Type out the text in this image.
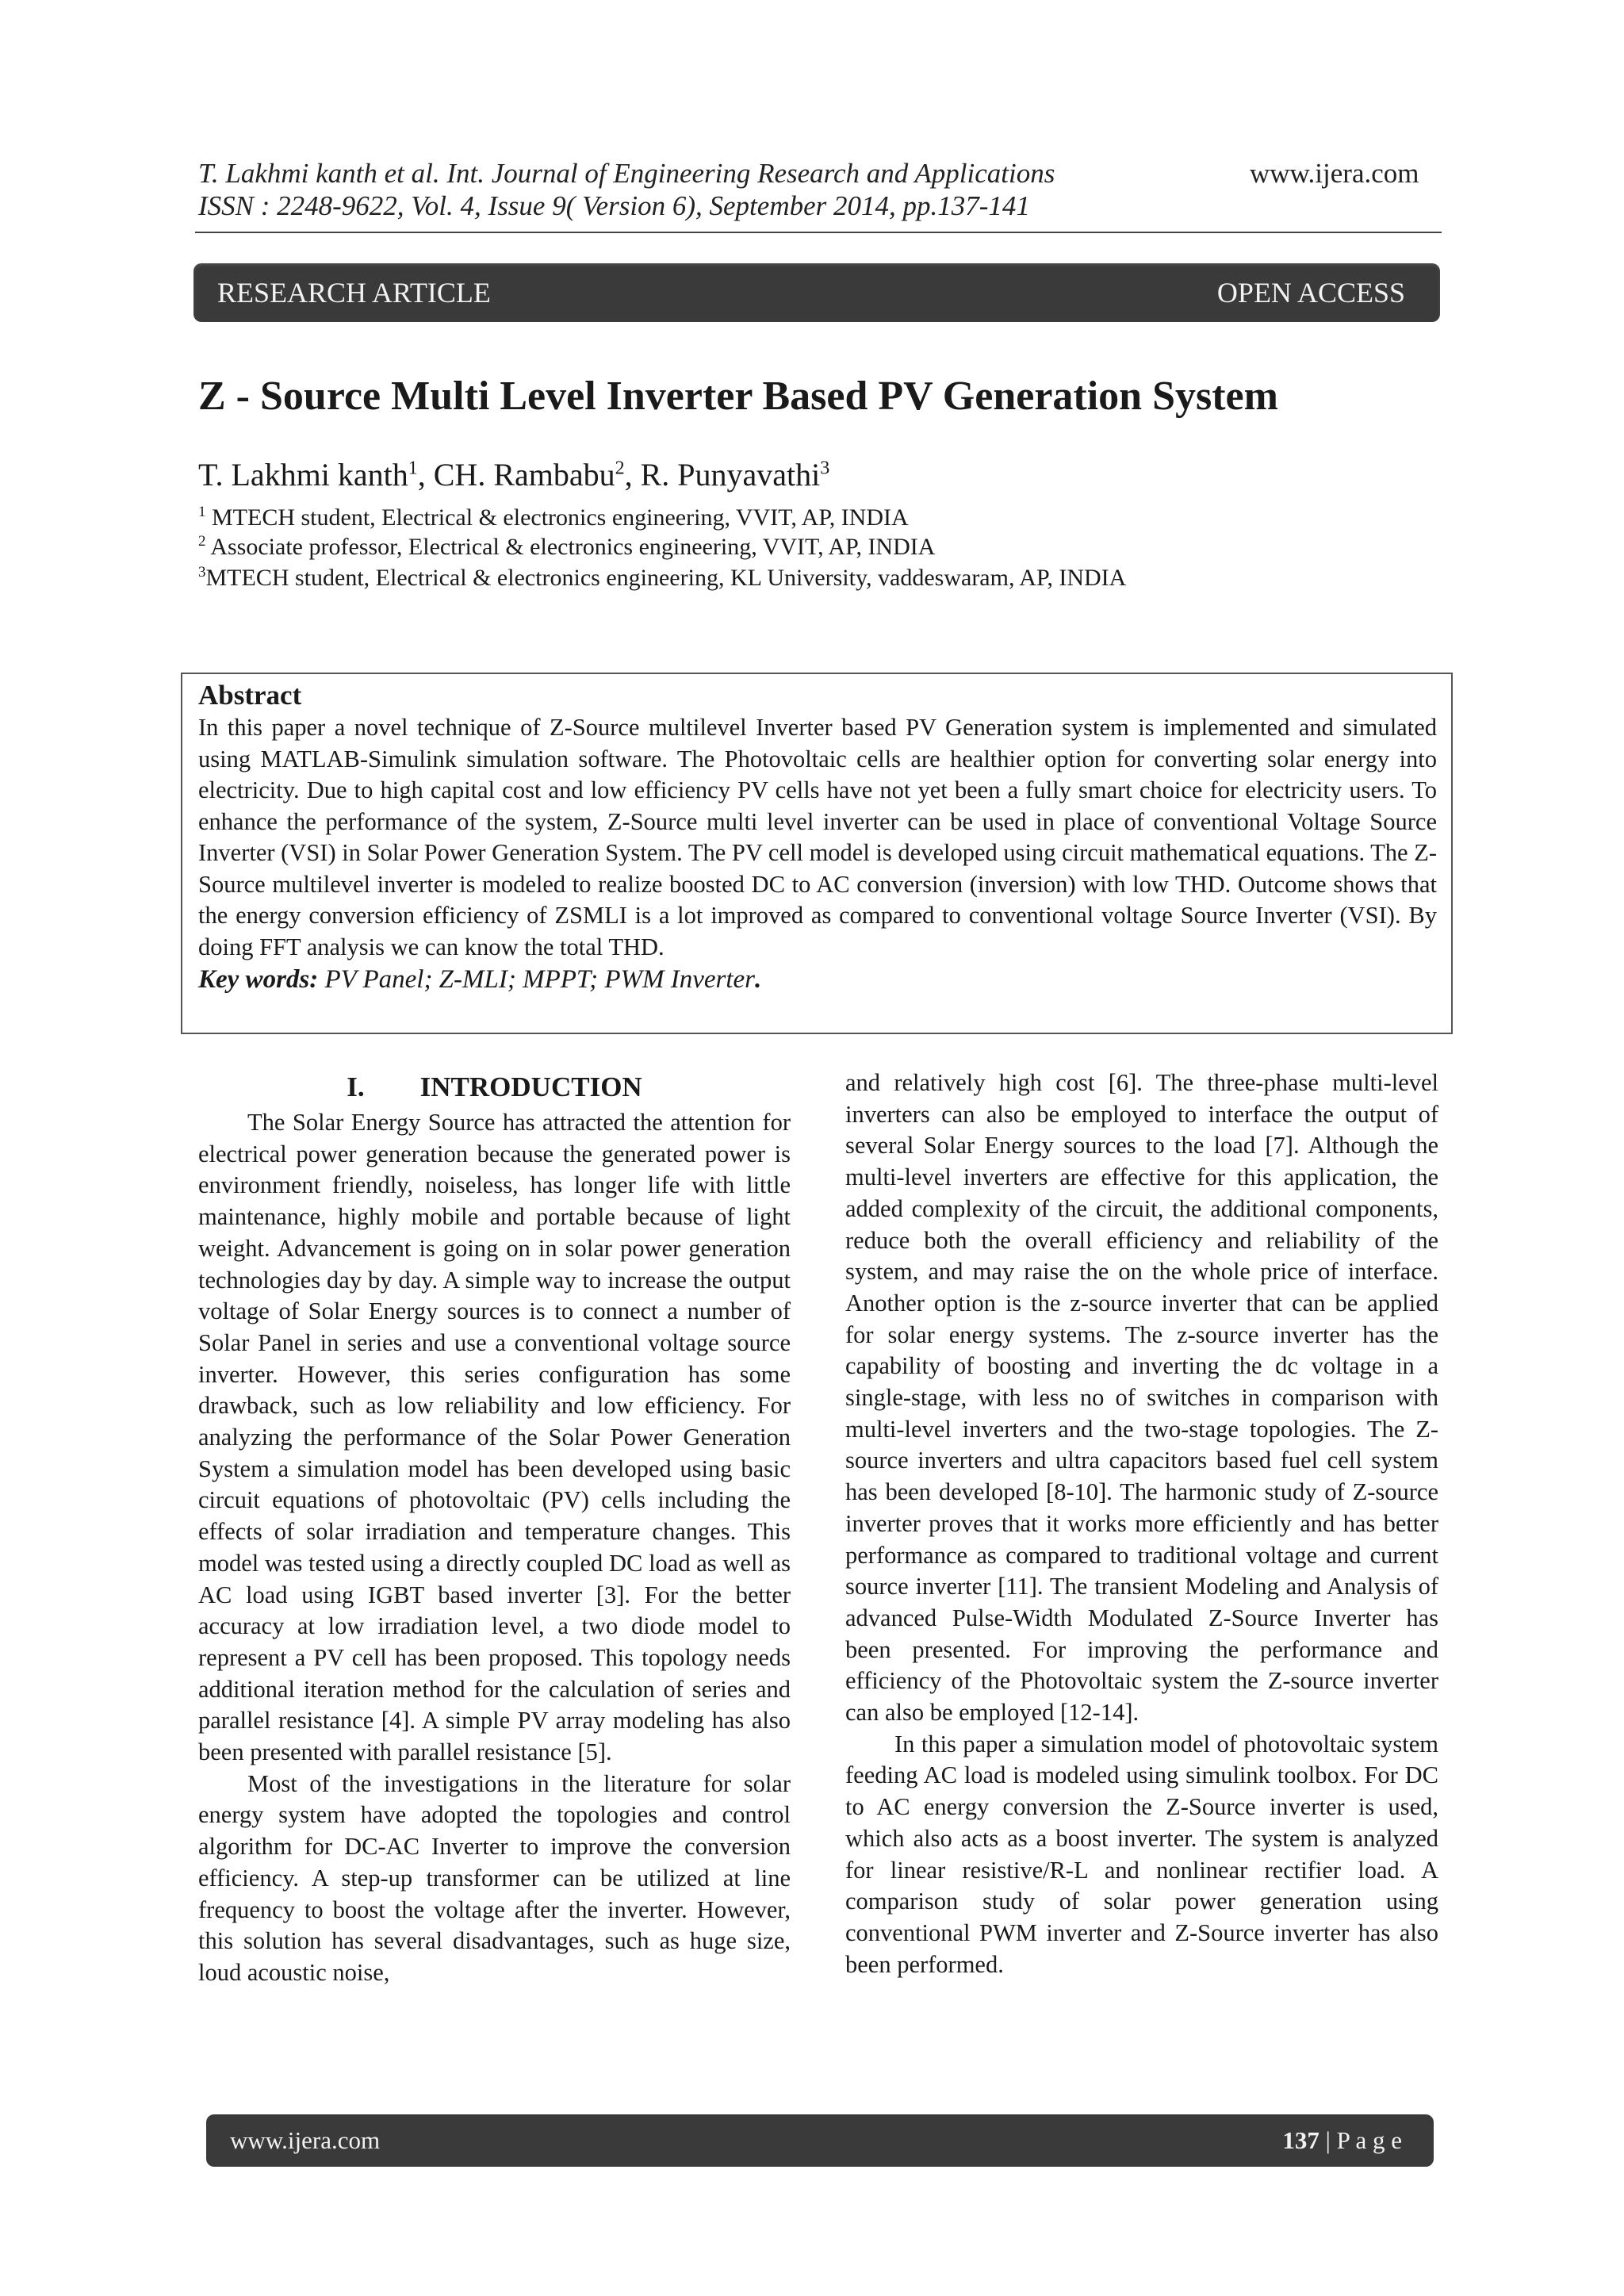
T. Lakhmi kanth et al. Int. Journal of Engineering Research and Applications
ISSN : 2248-9622, Vol. 4, Issue 9( Version 6), September 2014, pp.137-141
www.ijera.com
RESEARCH ARTICLE	OPEN ACCESS
Z - Source Multi Level Inverter Based PV Generation System
T. Lakhmi kanth$^1$, CH. Rambabu$^2$, R. Punyavathi$^3$
$^1$ MTECH student, Electrical & electronics engineering, VVIT, AP, INDIA
$^2$ Associate professor, Electrical & electronics engineering, VVIT, AP, INDIA
$^3$MTECH student, Electrical & electronics engineering, KL University, vaddeswaram, AP, INDIA
Abstract
In this paper a novel technique of Z-Source multilevel Inverter based PV Generation system is implemented and simulated using MATLAB-Simulink simulation software. The Photovoltaic cells are healthier option for converting solar energy into electricity. Due to high capital cost and low efficiency PV cells have not yet been a fully smart choice for electricity users. To enhance the performance of the system, Z-Source multi level inverter can be used in place of conventional Voltage Source Inverter (VSI) in Solar Power Generation System. The PV cell model is developed using circuit mathematical equations. The Z-Source multilevel inverter is modeled to realize boosted DC to AC conversion (inversion) with low THD. Outcome shows that the energy conversion efficiency of ZSMLI is a lot improved as compared to conventional voltage Source Inverter (VSI). By doing FFT analysis we can know the total THD.
Key words: PV Panel; Z-MLI; MPPT; PWM Inverter.

I. INTRODUCTION

The Solar Energy Source has attracted the attention for electrical power generation because the generated power is environment friendly, noiseless, has longer life with little maintenance, highly mobile and portable because of light weight. Advancement is going on in solar power generation technologies day by day. A simple way to increase the output voltage of Solar Energy sources is to connect a number of Solar Panel in series and use a conventional voltage source inverter. However, this series configuration has some drawback, such as low reliability and low efficiency. For analyzing the performance of the Solar Power Generation System a simulation model has been developed using basic circuit equations of photovoltaic (PV) cells including the effects of solar irradiation and temperature changes. This model was tested using a directly coupled DC load as well as AC load using IGBT based inverter [3]. For the better accuracy at low irradiation level, a two diode model to represent a PV cell has been proposed. This topology needs additional iteration method for the calculation of series and parallel resistance [4]. A simple PV array modeling has also been presented with parallel resistance [5].

Most of the investigations in the literature for solar energy system have adopted the topologies and control algorithm for DC-AC Inverter to improve the conversion efficiency. A step-up transformer can be utilized at line frequency to boost the voltage after the inverter. However, this solution has several disadvantages, such as huge size, loud acoustic noise,

and relatively high cost [6]. The three-phase multi-level inverters can also be employed to interface the output of several Solar Energy sources to the load [7]. Although the multi-level inverters are effective for this application, the added complexity of the circuit, the additional components, reduce both the overall efficiency and reliability of the system, and may raise the on the whole price of interface. Another option is the z-source inverter that can be applied for solar energy systems. The z-source inverter has the capability of boosting and inverting the dc voltage in a single-stage, with less no of switches in comparison with multi-level inverters and the two-stage topologies. The Z-source inverters and ultra capacitors based fuel cell system has been developed [8-10]. The harmonic study of Z-source inverter proves that it works more efficiently and has better performance as compared to traditional voltage and current source inverter [11]. The transient Modeling and Analysis of advanced Pulse-Width Modulated Z-Source Inverter has been presented. For improving the performance and efficiency of the Photovoltaic system the Z-source inverter can also be employed [12-14].

In this paper a simulation model of photovoltaic system feeding AC load is modeled using simulink toolbox. For DC to AC energy conversion the Z-Source inverter is used, which also acts as a boost inverter. The system is analyzed for linear resistive/R-L and nonlinear rectifier load. A comparison study of solar power generation using conventional PWM inverter and Z-Source inverter has also been performed.

www.ijera.com	137 | P a g e
